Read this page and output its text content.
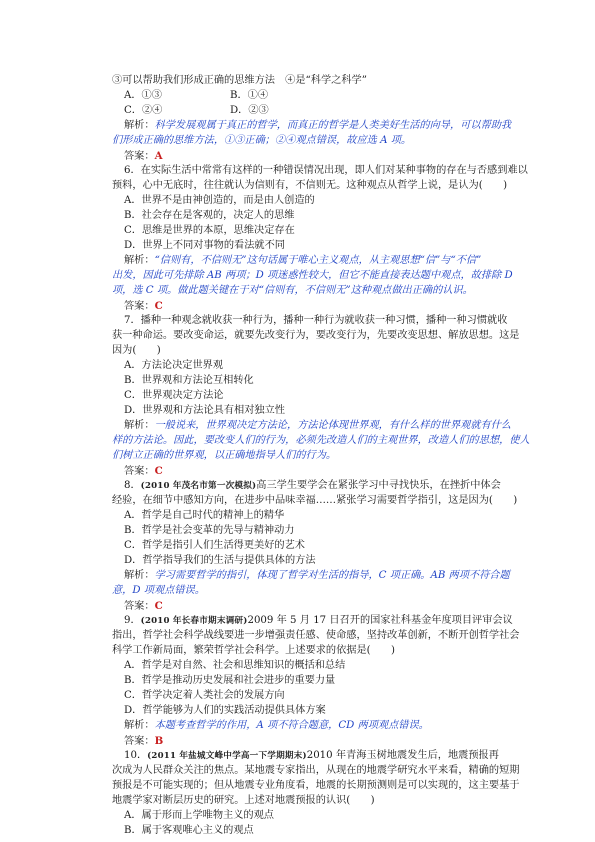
③可以帮助我们形成正确的思维方法　④是“科学之科学”
A．①③	B．①④
C．②④	D．②③
解析：科学发展观属于真正的哲学，而真正的哲学是人类美好生活的向导，可以帮助我
们形成正确的思维方法，①③正确；②④观点错误，故应选 A 项。
答案：A
6．在实际生活中常常有这样的一种错误情况出现，即人们对某种事物的存在与否感到难以
预料，心中无底时，往往就认为信则有，不信则无。这种观点从哲学上说，是认为(　　)
A．世界不是由神创造的，而是由人创造的
B．社会存在是客观的，决定人的思维
C．思维是世界的本原，思维决定存在
D．世界上不同对事物的看法就不同
解析：“信则有，不信则无”这句话属于唯心主义观点，从主观思想“信”与“不信”
出发，因此可先排除 AB 两项；D 项迷惑性较大，但它不能直接表达题中观点，故排除 D
项，选 C 项。做此题关键在于对“信则有，不信则无”这种观点做出正确的认识。
答案：C
7．播种一种观念就收获一种行为，播种一种行为就收获一种习惯，播种一种习惯就收
获一种命运。要改变命运，就要先改变行为，要改变行为，先要改变思想、解放思想。这是
因为(　　)
A．方法论决定世界观
B．世界观和方法论互相转化
C．世界观决定方法论
D．世界观和方法论具有相对独立性
解析：一般说来，世界观决定方法论，方法论体现世界观，有什么样的世界观就有什么
样的方法论。因此，要改变人们的行为，必须先改造人们的主观世界，改造人们的思想，使人
们树立正确的世界观，以正确地指导人们的行为。
答案：C
8．(2010 年茂名市第一次模拟)高三学生要学会在紧张学习中寻找快乐，在挫折中体会
经验，在细节中感知方向，在进步中品味幸福……紧张学习需要哲学指引，这是因为(　　)
A．哲学是自己时代的精神上的精华
B．哲学是社会变革的先导与精神动力
C．哲学是指引人们生活得更美好的艺术
D．哲学指导我们的生活与提供具体的方法
解析：学习需要哲学的指引，体现了哲学对生活的指导，C 项正确。AB 两项不符合题
意，D 项观点错误。
答案：C
9．(2010 年长春市期末调研)2009 年 5 月 17 日召开的国家社科基金年度项目评审会议
指出，哲学社会科学战线要进一步增强责任感、使命感，坚持改革创新，不断开创哲学社会
科学工作新局面，繁荣哲学社会科学。上述要求的依据是(　　)
A．哲学是对自然、社会和思维知识的概括和总结
B．哲学是推动历史发展和社会进步的重要力量
C．哲学决定着人类社会的发展方向
D．哲学能够为人们的实践活动提供具体方案
解析：本题考查哲学的作用，A 项不符合题意，CD 两项观点错误。
答案：B
10．(2011 年盐城文峰中学高一下学期期末)2010 年青海玉树地震发生后，地震预报再
次成为人民群众关注的焦点。某地震专家指出，从现在的地震学研究水平来看，精确的短期
预报是不可能实现的；但从地震专业角度看，地震的长期预测则是可以实现的，这主要基于
地震学家对断层历史的研究。上述对地震预报的认识(　　)
A．属于形而上学唯物主义的观点
B．属于客观唯心主义的观点
